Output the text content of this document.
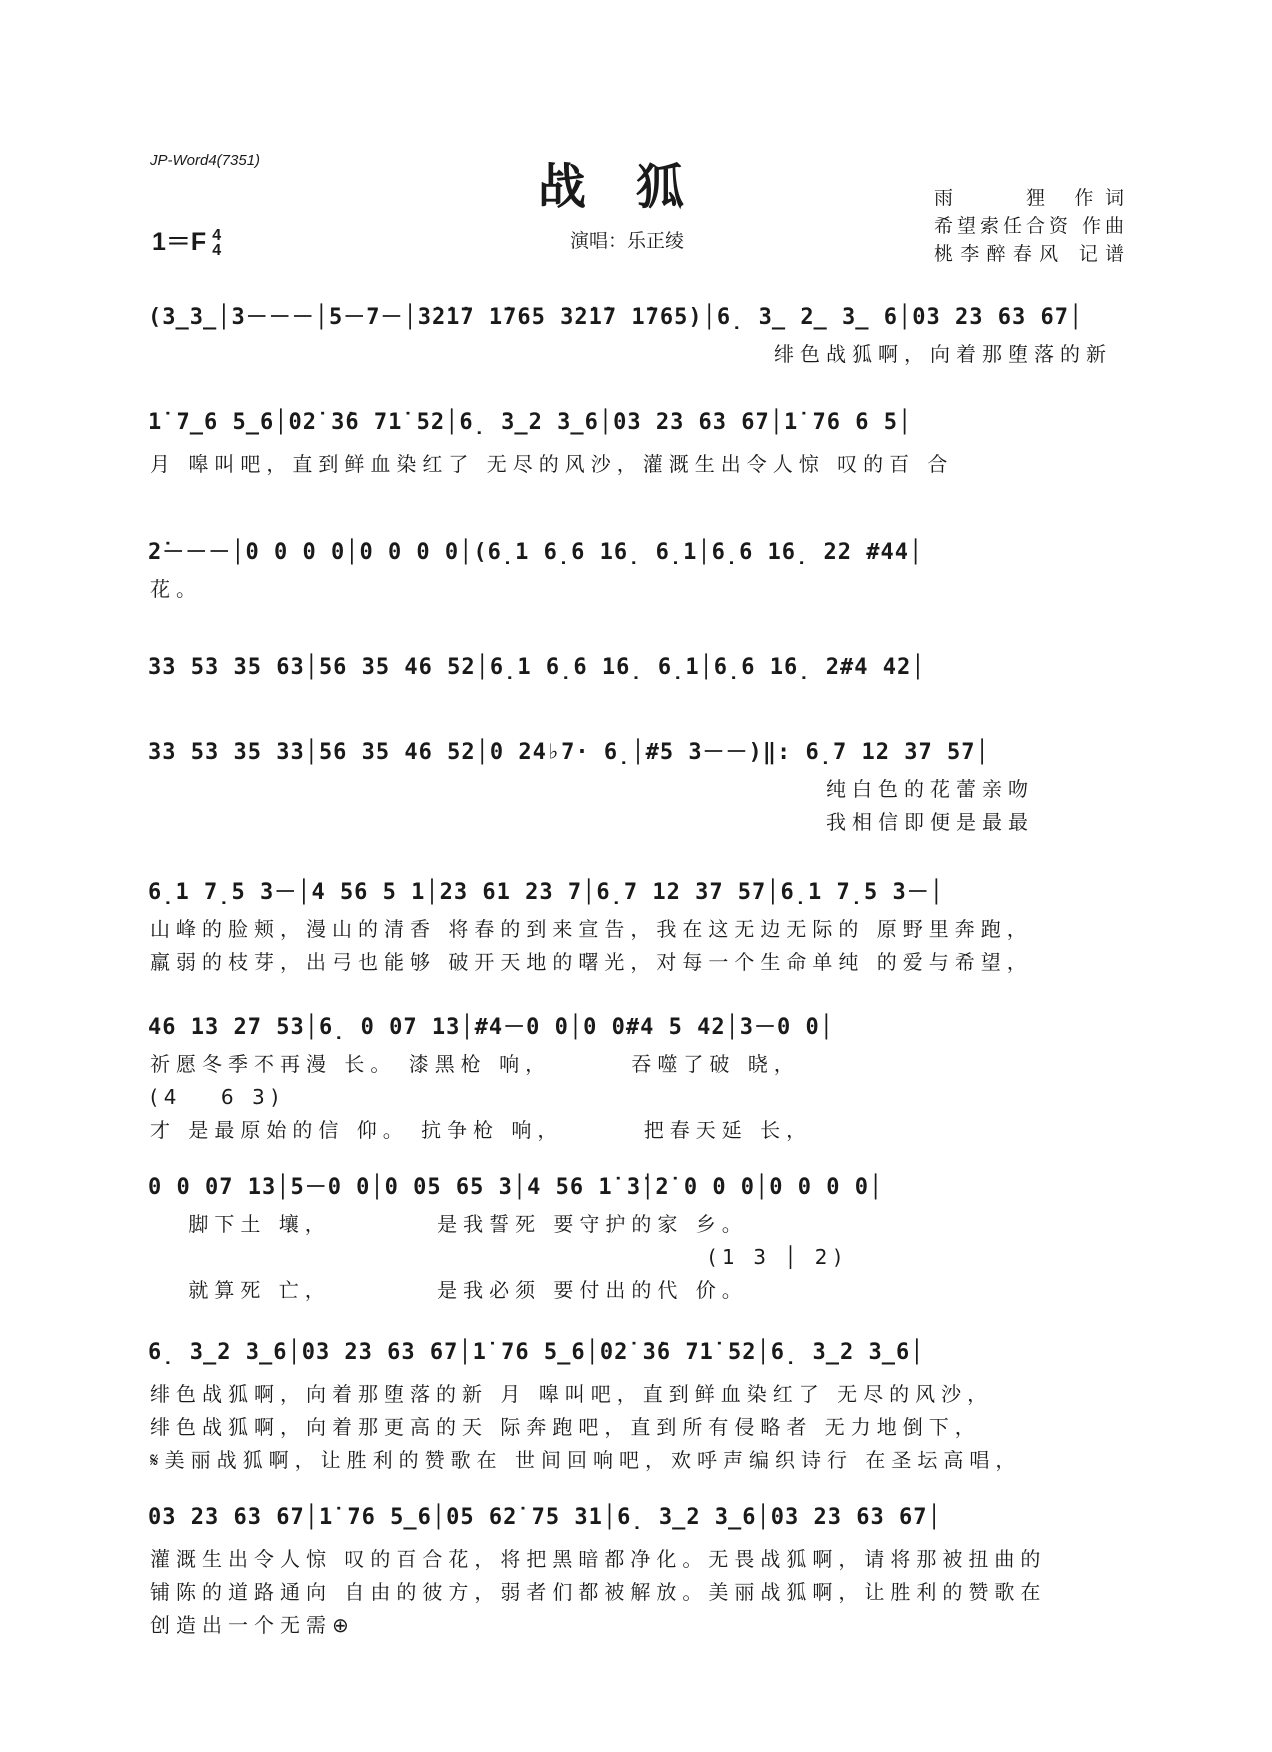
JP-Word4(7351)	战狐
1＝F 4
4	演唱：乐正绫
雨　　狸 作词
希望索任合资 作曲
桃李醉春风 记谱
(3̲3̲│3－－－│5－7－│3̇2̇1̇7 1̇765 3̇2̇1̇7 1̇765)│6̣ 3̲ 2̲ 3̲ 6│03 23 63 67│
　　　　　　　　　　　　　　　　　　　　　　　　绯色战狐啊，向着那堕落的新
1̇ 7̲6 5̲6│02̇ 3̇6 71̇ 52│6̣ 3̲2 3̲6│03 23 63 67│1̇ 76 6 5│
月 嗥叫吧，直到鲜血染红了 无尽的风沙，灌溉生出令人惊 叹的百 合
2̇－－－│0 0 0 0│0 0 0 0│(6̣1 6̣6 16̣ 6̣1│6̣6 16̣ 22 #44│
花。
33 53 35 63│56 35 46 52│6̣1 6̣6 16̣ 6̣1│6̣6 16̣ 2#4 42│
33 53 35 33│56 35 46 52│0 24♭7· 6̣│#5 3－－)‖: 6̣7 12 37 57│
　　　　　　　　　　　　　　　　　　　　　　　　　　纯白色的花蕾亲吻
　　　　　　　　　　　　　　　　　　　　　　　　　　我相信即便是最最
6̣1 7̣5 3－│4 56 5 1│23 61 23 7│6̣7 12 37 57│6̣1 7̣5 3－│
山峰的脸颊，漫山的清香 将春的到来宣告，我在这无边无际的 原野里奔跑，
羸弱的枝芽，出弓也能够 破开天地的曙光，对每一个生命单纯 的爱与希望，
46 13 27 53│6̣ 0 07 13│#4－0 0│0 0#4 5 42│3－0 0│
祈愿冬季不再漫 长。 漆黑枪 响，　　　 吞噬了破 晓，
(4　 6 3)
才 是最原始的信 仰。 抗争枪 响，　　　 把春天延 长，
0 0 07 13│5－0 0│0 05 65 3│4 56 1̇ 3̇│2̇ 0 0 0│0 0 0 0│
　 脚下土 壤，　　　　 是我誓死 要守护的家 乡。
　　　　　　　　　　　　　　　　　　　　　 (1 3 │ 2)
　 就算死 亡，　　　　 是我必须 要付出的代 价。
6̣ 3̲2 3̲6│03 23 63 67│1̇ 76 5̲6│02̇ 3̇6 71̇ 52│6̣ 3̲2 3̲6│
绯色战狐啊，向着那堕落的新 月 嗥叫吧，直到鲜血染红了 无尽的风沙，
绯色战狐啊，向着那更高的天 际奔跑吧，直到所有侵略者 无力地倒下，
𝄋美丽战狐啊，让胜利的赞歌在 世间回响吧，欢呼声编织诗行 在圣坛高唱，
03 23 63 67│1̇ 76 5̲6│05 62̇ 75 31│6̣ 3̲2 3̲6│03 23 63 67│
灌溉生出令人惊 叹的百合花，将把黑暗都净化。无畏战狐啊，请将那被扭曲的
铺陈的道路通向 自由的彼方，弱者们都被解放。美丽战狐啊，让胜利的赞歌在
创造出一个无需⊕
